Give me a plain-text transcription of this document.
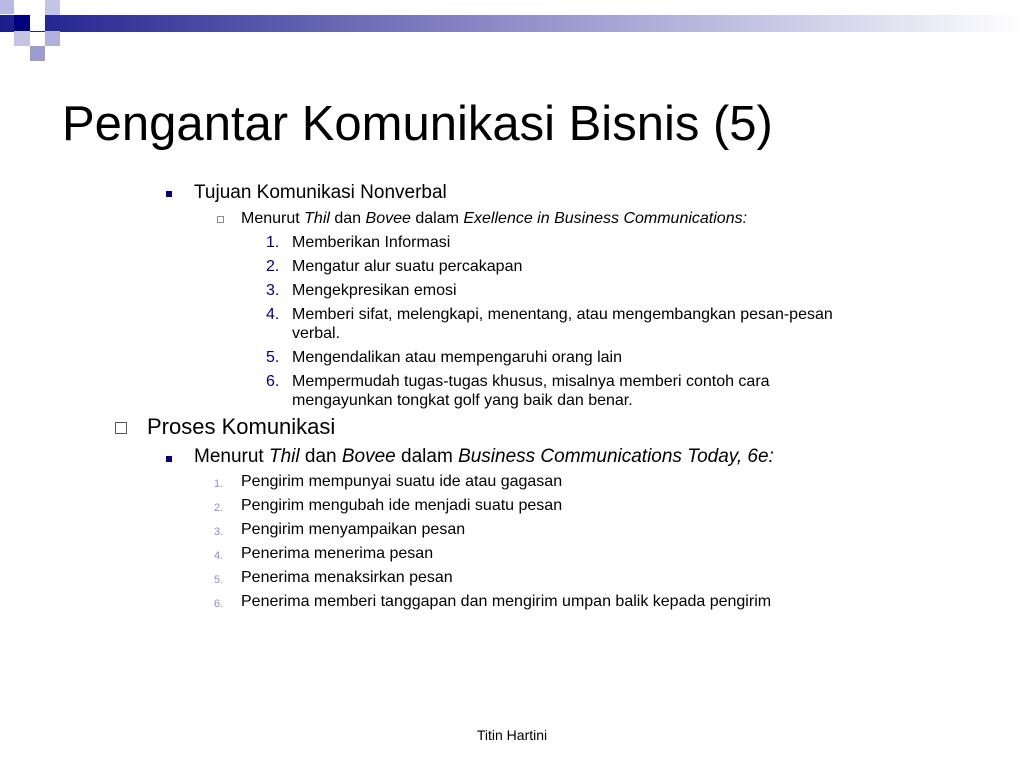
Pengantar Komunikasi Bisnis (5)
Tujuan Komunikasi Nonverbal
Menurut Thil dan Bovee dalam Exellence in Business Communications:
1. Memberikan Informasi
2. Mengatur alur suatu percakapan
3. Mengekpresikan emosi
4. Memberi sifat, melengkapi, menentang, atau mengembangkan pesan-pesan
verbal.
5. Mengendalikan atau mempengaruhi orang lain
6. Mempermudah tugas-tugas khusus, misalnya memberi contoh cara
mengayunkan tongkat golf yang baik dan benar.
Proses Komunikasi
Menurut Thil dan Bovee dalam Business Communications Today, 6e:
1. Pengirim mempunyai suatu ide atau gagasan
2. Pengirim mengubah ide menjadi suatu pesan
3. Pengirim menyampaikan pesan
4. Penerima menerima pesan
5. Penerima menaksirkan pesan
6. Penerima memberi tanggapan dan mengirim umpan balik kepada pengirim
Titin Hartini
